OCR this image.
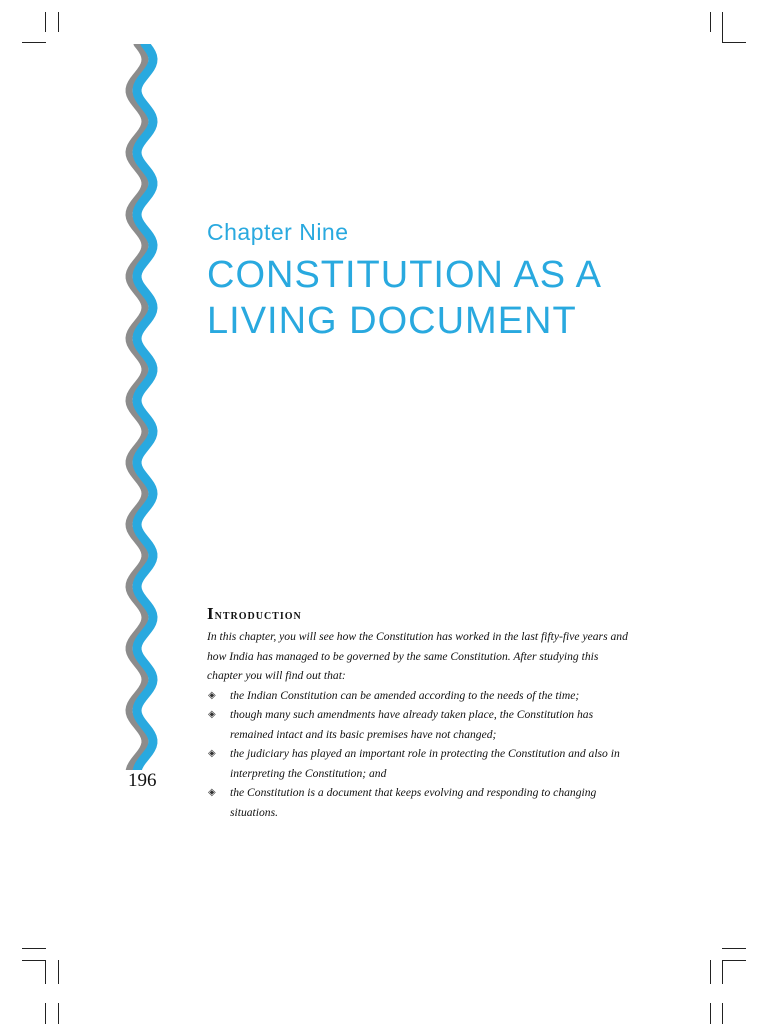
Chapter Nine
CONSTITUTION AS A
LIVING DOCUMENT
196
Introduction

In this chapter, you will see how the Constitution has worked in the last fifty-five years and how India has managed to be governed by the same Constitution. After studying this chapter you will find out that:

◈ the Indian Constitution can be amended according to the needs of the time;
◈ though many such amendments have already taken place, the Constitution has remained intact and its basic premises have not changed;
◈ the judiciary has played an important role in protecting the Constitution and also in interpreting the Constitution; and
◈ the Constitution is a document that keeps evolving and responding to changing situations.
